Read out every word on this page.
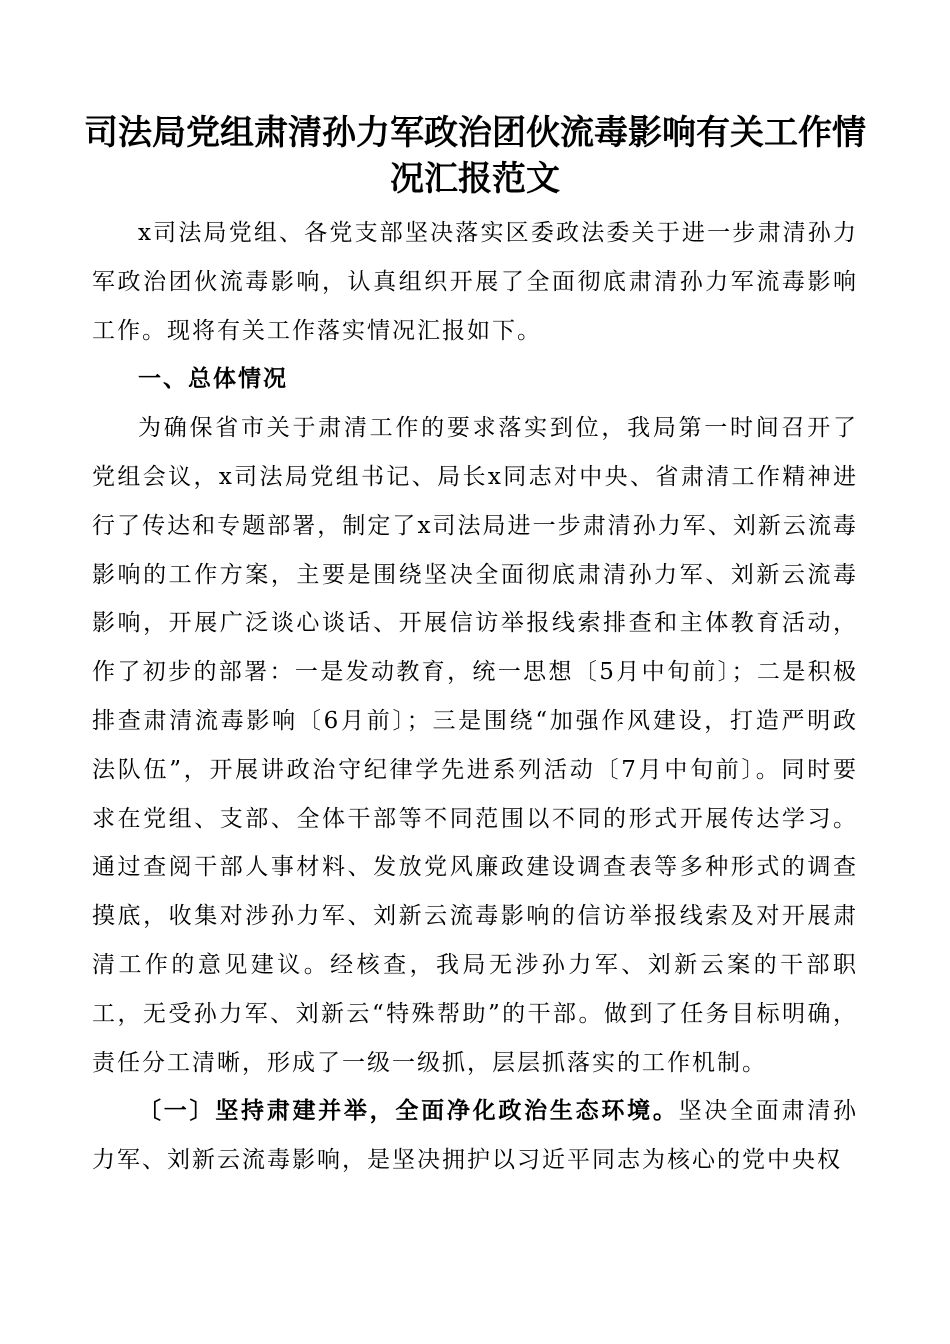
司法局党组肃清孙力军政治团伙流毒影响有关工作情况汇报范文

x司法局党组、各党支部坚决落实区委政法委关于进一步肃清孙力军政治团伙流毒影响，认真组织开展了全面彻底肃清孙力军流毒影响工作。现将有关工作落实情况汇报如下。

一、总体情况

为确保省市关于肃清工作的要求落实到位，我局第一时间召开了党组会议，x司法局党组书记、局长x同志对中央、省肃清工作精神进行了传达和专题部署，制定了x司法局进一步肃清孙力军、刘新云流毒影响的工作方案，主要是围绕坚决全面彻底肃清孙力军、刘新云流毒影响，开展广泛谈心谈话、开展信访举报线索排查和主体教育活动，作了初步的部署：一是发动教育，统一思想〔5月中旬前〕；二是积极排查肃清流毒影响〔6月前〕；三是围绕“加强作风建设，打造严明政法队伍”，开展讲政治守纪律学先进系列活动〔7月中旬前〕。同时要求在党组、支部、全体干部等不同范围以不同的形式开展传达学习。通过查阅干部人事材料、发放党风廉政建设调查表等多种形式的调查摸底，收集对涉孙力军、刘新云流毒影响的信访举报线索及对开展肃清工作的意见建议。经核查，我局无涉孙力军、刘新云案的干部职工，无受孙力军、刘新云“特殊帮助”的干部。做到了任务目标明确，责任分工清晰，形成了一级一级抓，层层抓落实的工作机制。

〔一〕坚持肃建并举，全面净化政治生态环境。坚决全面肃清孙力军、刘新云流毒影响，是坚决拥护以习近平同志为核心的党中央权
